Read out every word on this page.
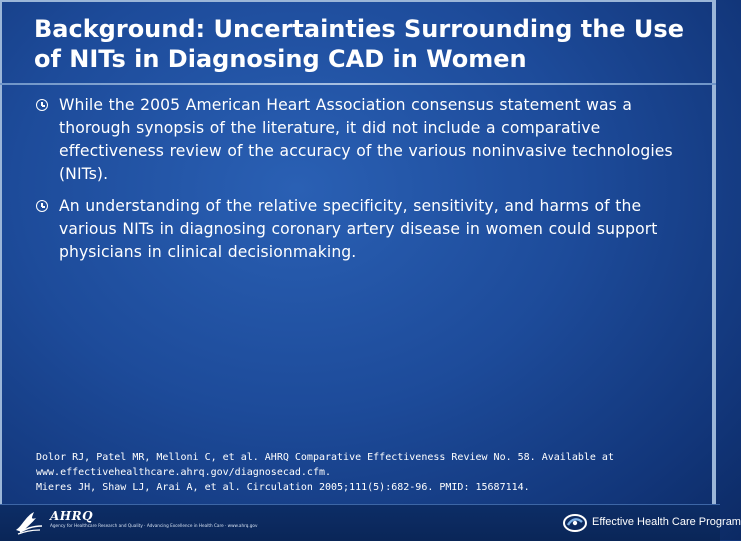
Background: Uncertainties Surrounding the Use of NITs in Diagnosing CAD in Women
While the 2005 American Heart Association consensus statement was a thorough synopsis of the literature, it did not include a comparative effectiveness review of the accuracy of the various noninvasive technologies (NITs).
An understanding of the relative specificity, sensitivity, and harms of the various NITs in diagnosing coronary artery disease in women could support physicians in clinical decisionmaking.
Dolor RJ, Patel MR, Melloni C, et al. AHRQ Comparative Effectiveness Review No. 58. Available at
www.effectivehealthcare.ahrq.gov/diagnosecad.cfm.
Mieres JH, Shaw LJ, Arai A, et al. Circulation 2005;111(5):682-96. PMID: 15687114.
AHRQ
Agency for Healthcare Research and Quality · Advancing Excellence in Health Care · www.ahrq.gov	Effective Health Care Program
